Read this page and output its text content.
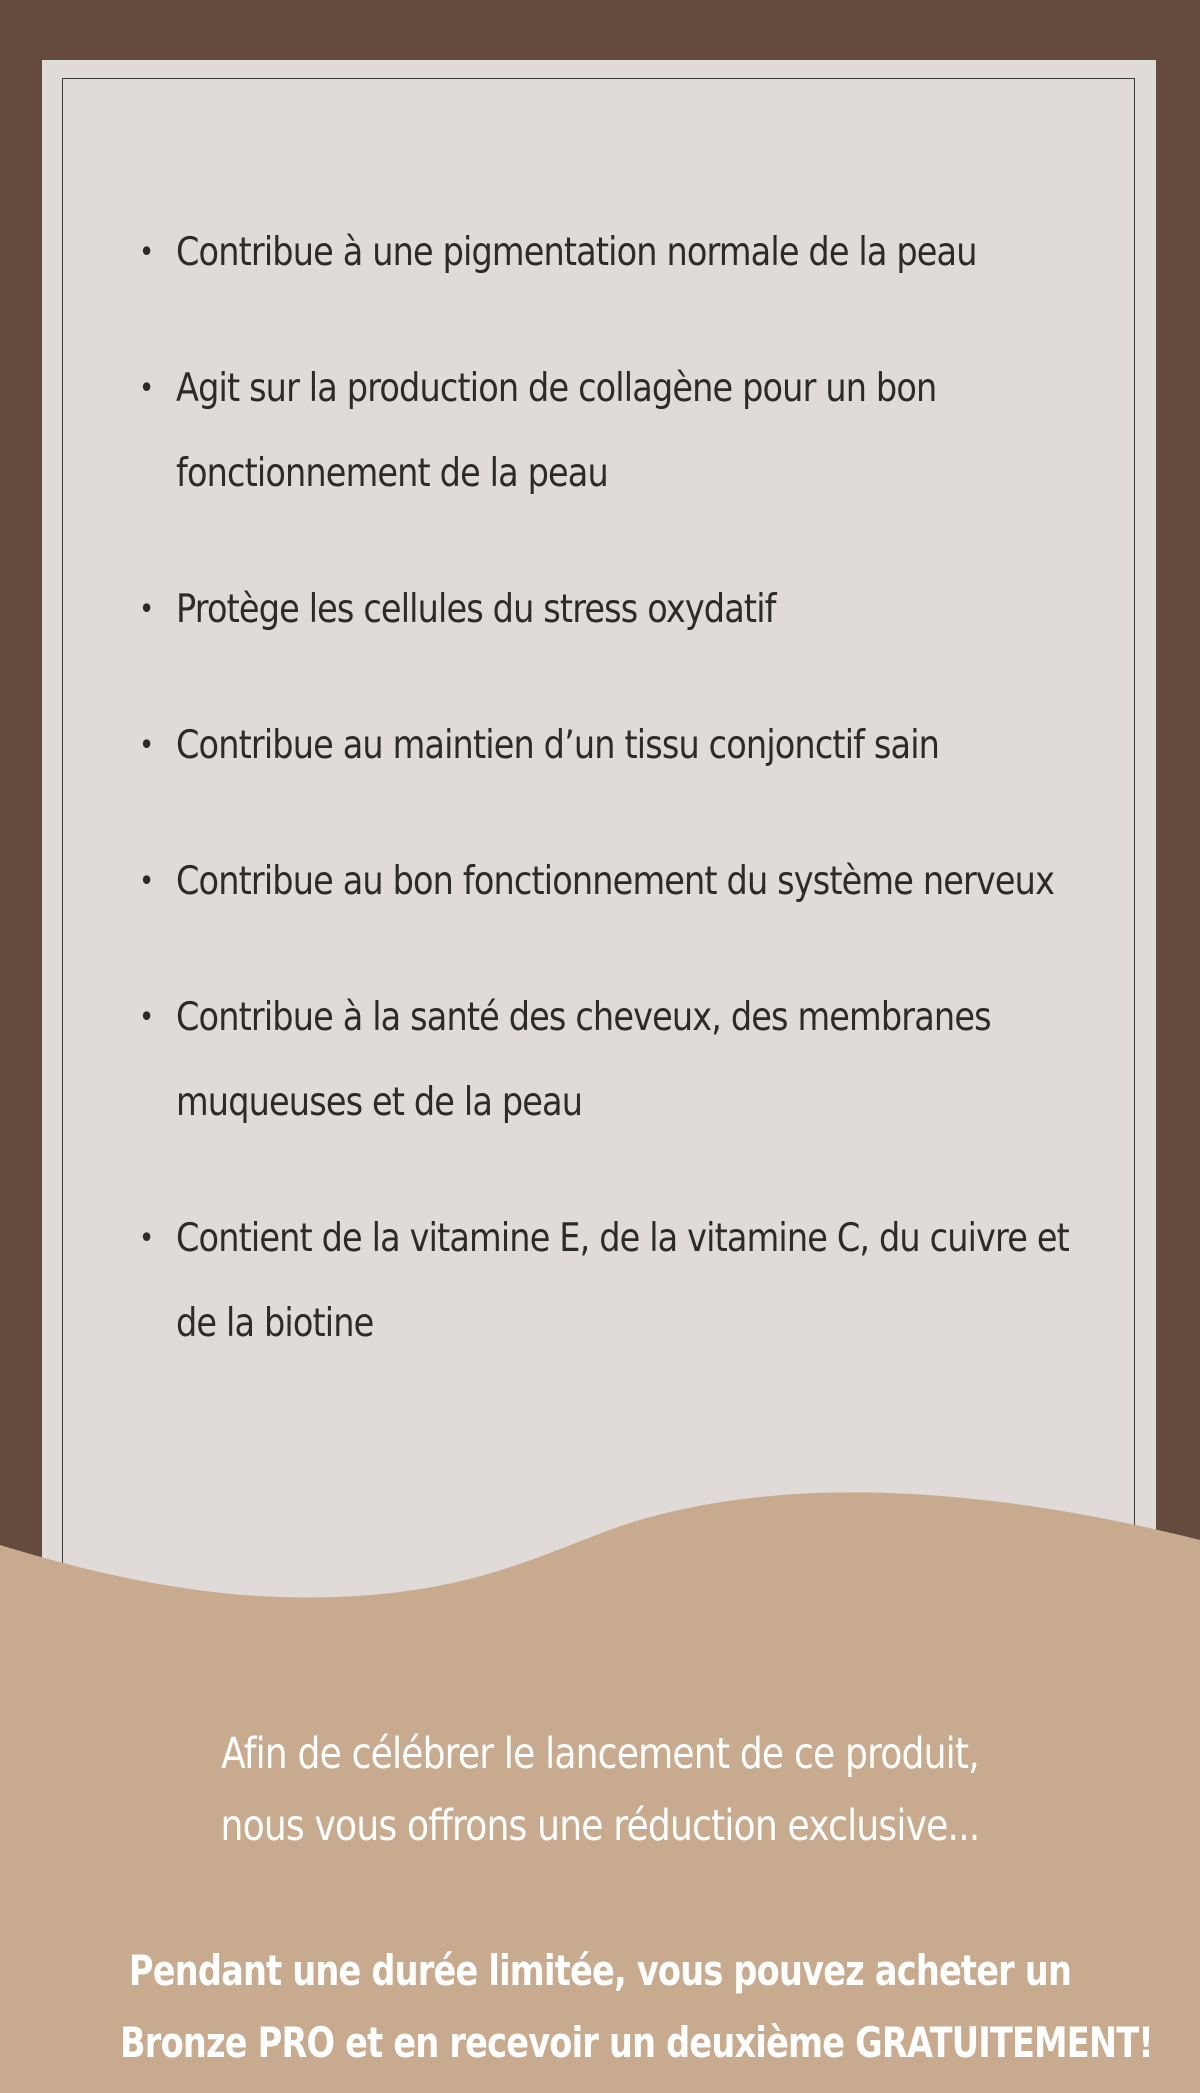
• Contribue à une pigmentation normale de la peau
• Agit sur la production de collagène pour un bon fonctionnement de la peau
• Protège les cellules du stress oxydatif
• Contribue au maintien d’un tissu conjonctif sain
• Contribue au bon fonctionnement du système nerveux
• Contribue à la santé des cheveux, des membranes muqueuses et de la peau
• Contient de la vitamine E, de la vitamine C, du cuivre et de la biotine
Afin de célébrer le lancement de ce produit,
nous vous offrons une réduction exclusive...
Pendant une durée limitée, vous pouvez acheter un
Bronze PRO et en recevoir un deuxième GRATUITEMENT!
